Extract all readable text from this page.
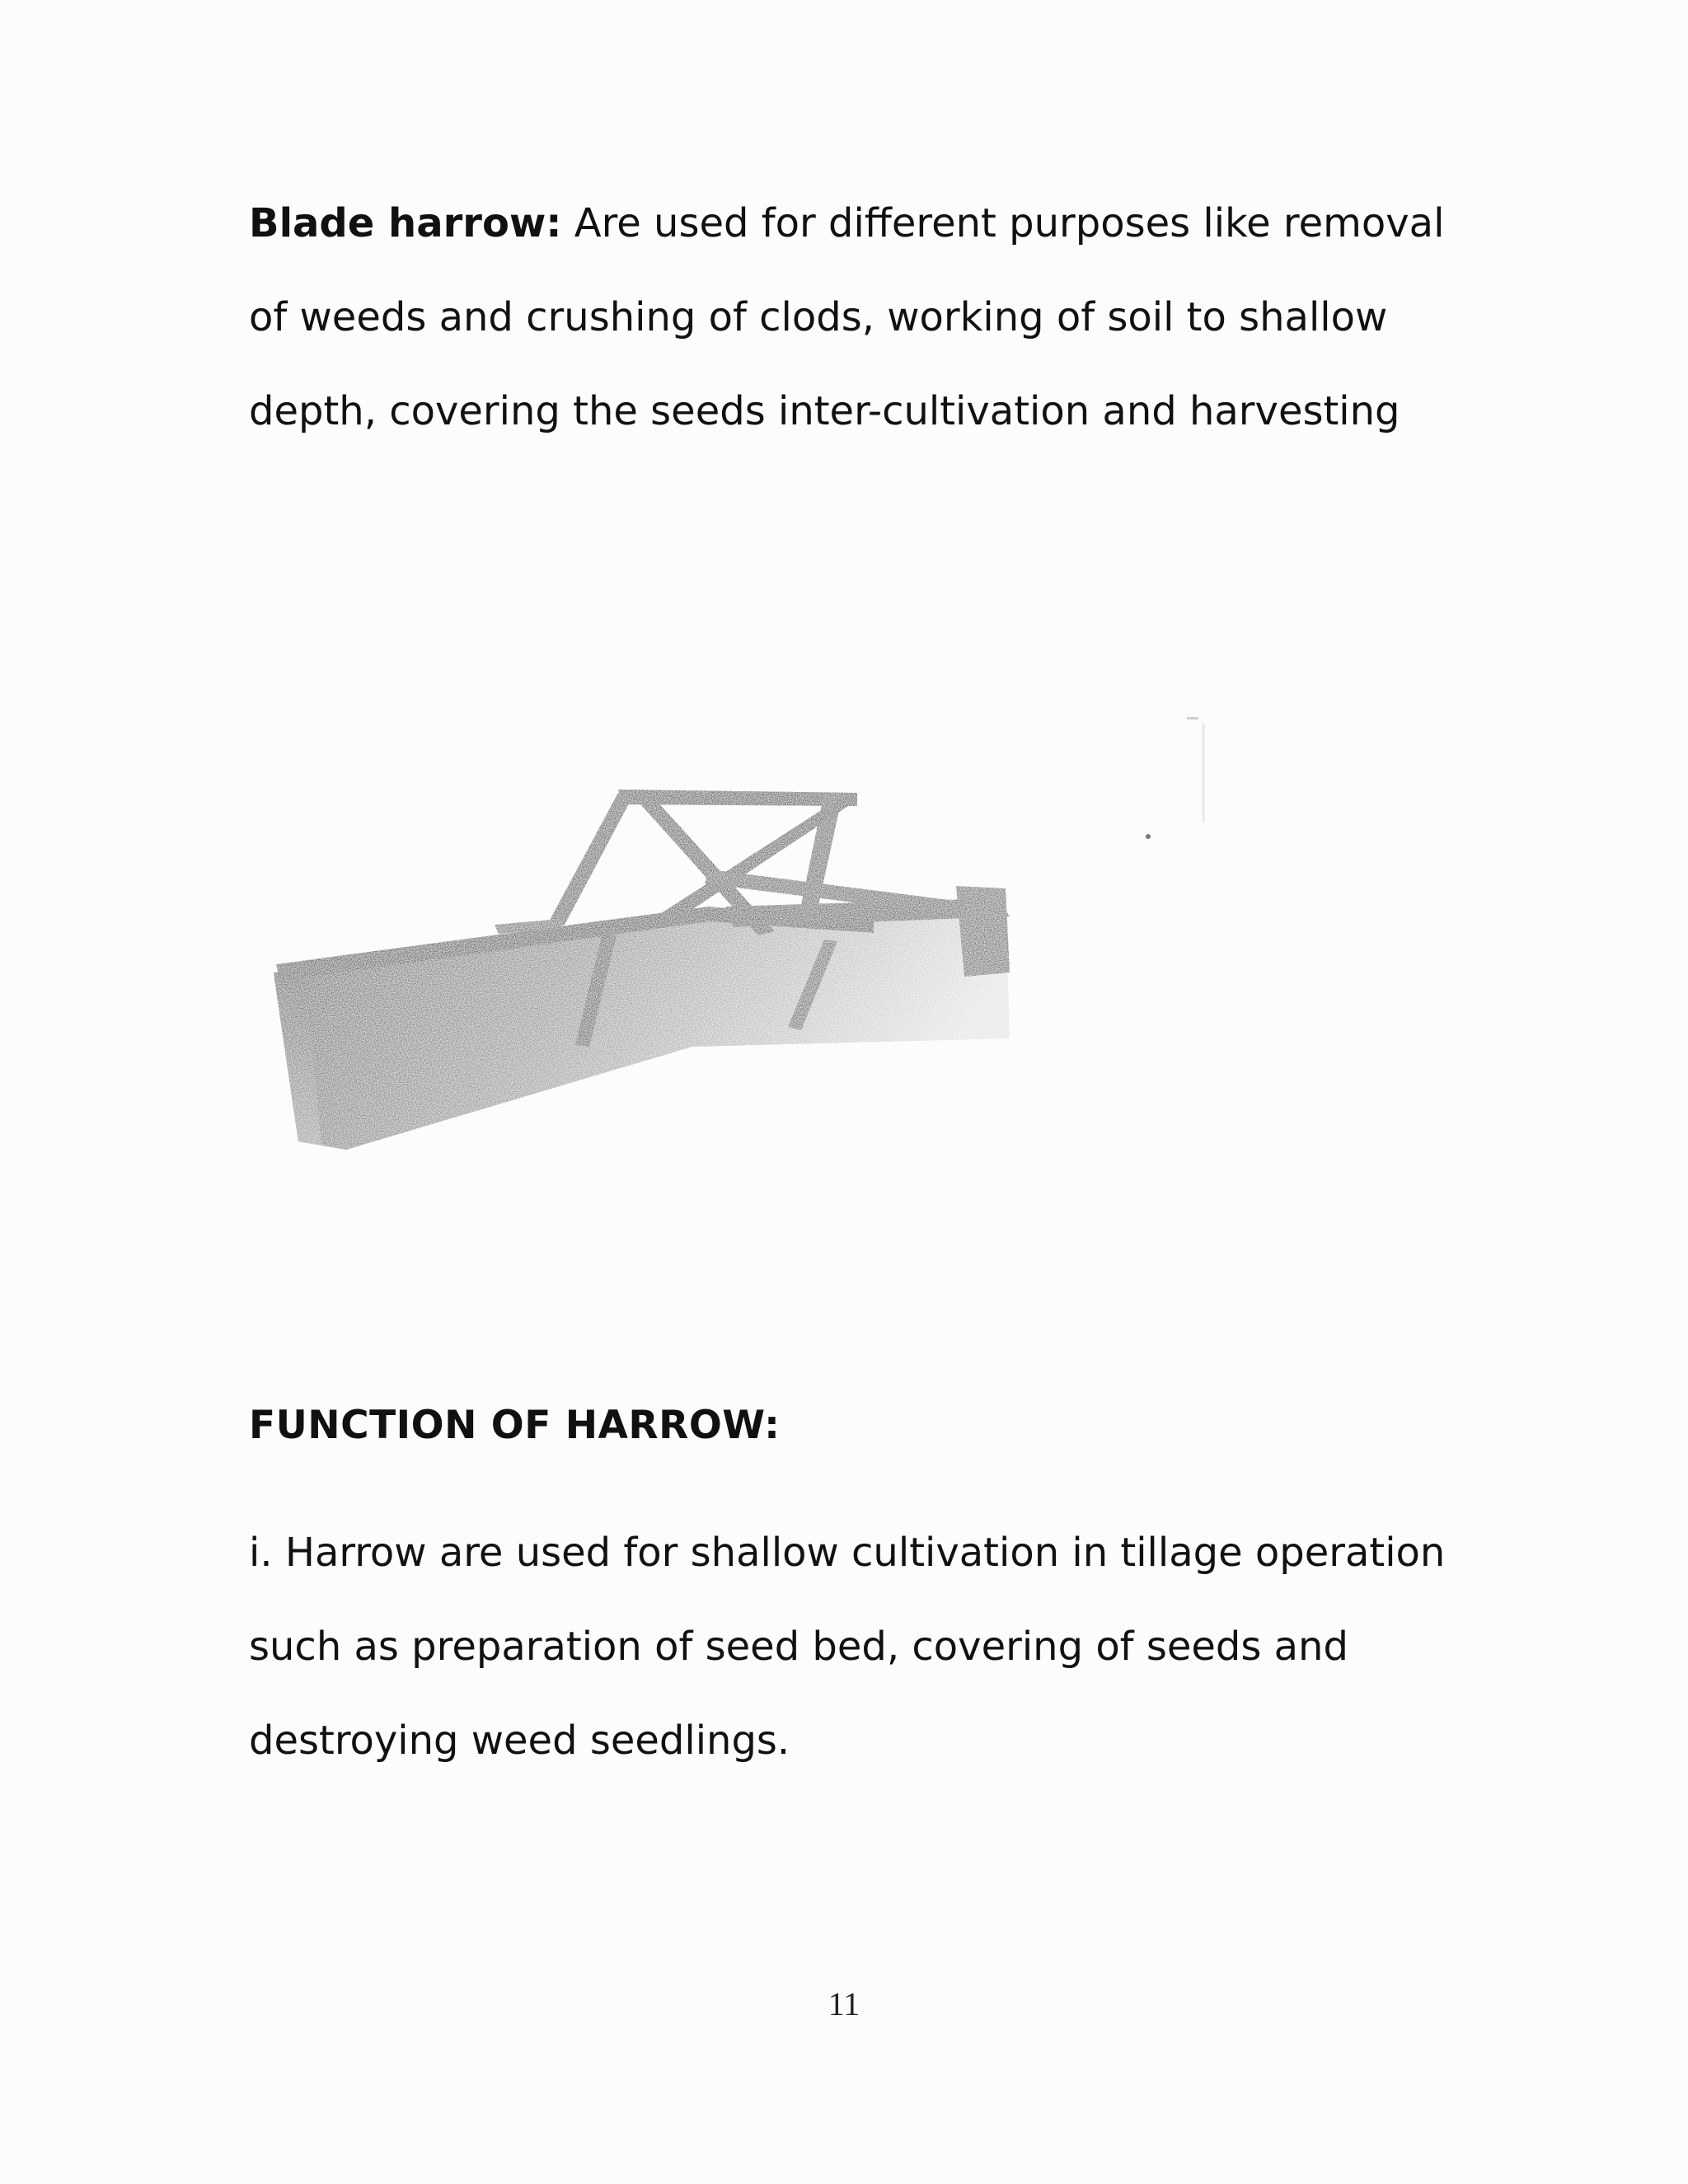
Blade harrow: Are used for different purposes like removal
of weeds and crushing of clods, working of soil to shallow
depth, covering the seeds inter-cultivation and harvesting

FUNCTION OF HARROW:

i. Harrow are used for shallow cultivation in tillage operation
such as preparation of seed bed, covering of seeds and
destroying weed seedlings.

11
